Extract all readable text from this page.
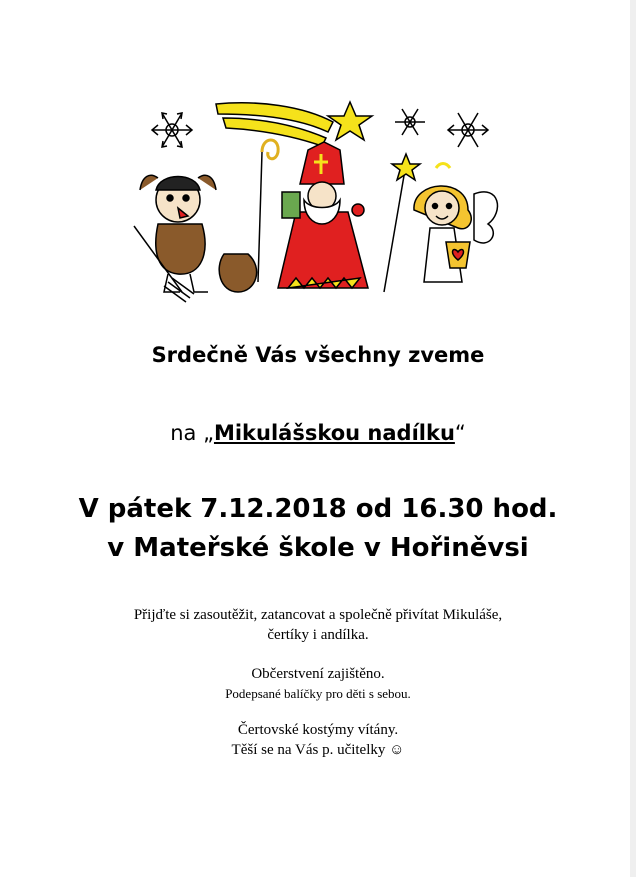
Srdečně Vás všechny zveme
na „Mikulášskou nadílku“
V pátek 7.12.2018 od 16.30 hod.
v Mateřské škole v Hořiněvsi
Přijďte si zasoutěžit, zatancovat a společně přivítat Mikuláše,
čertíky i andílka.
Občerstvení zajištěno.
Podepsané balíčky pro děti s sebou.
Čertovské kostýmy vítány.
Těší se na Vás p. učitelky ☺
